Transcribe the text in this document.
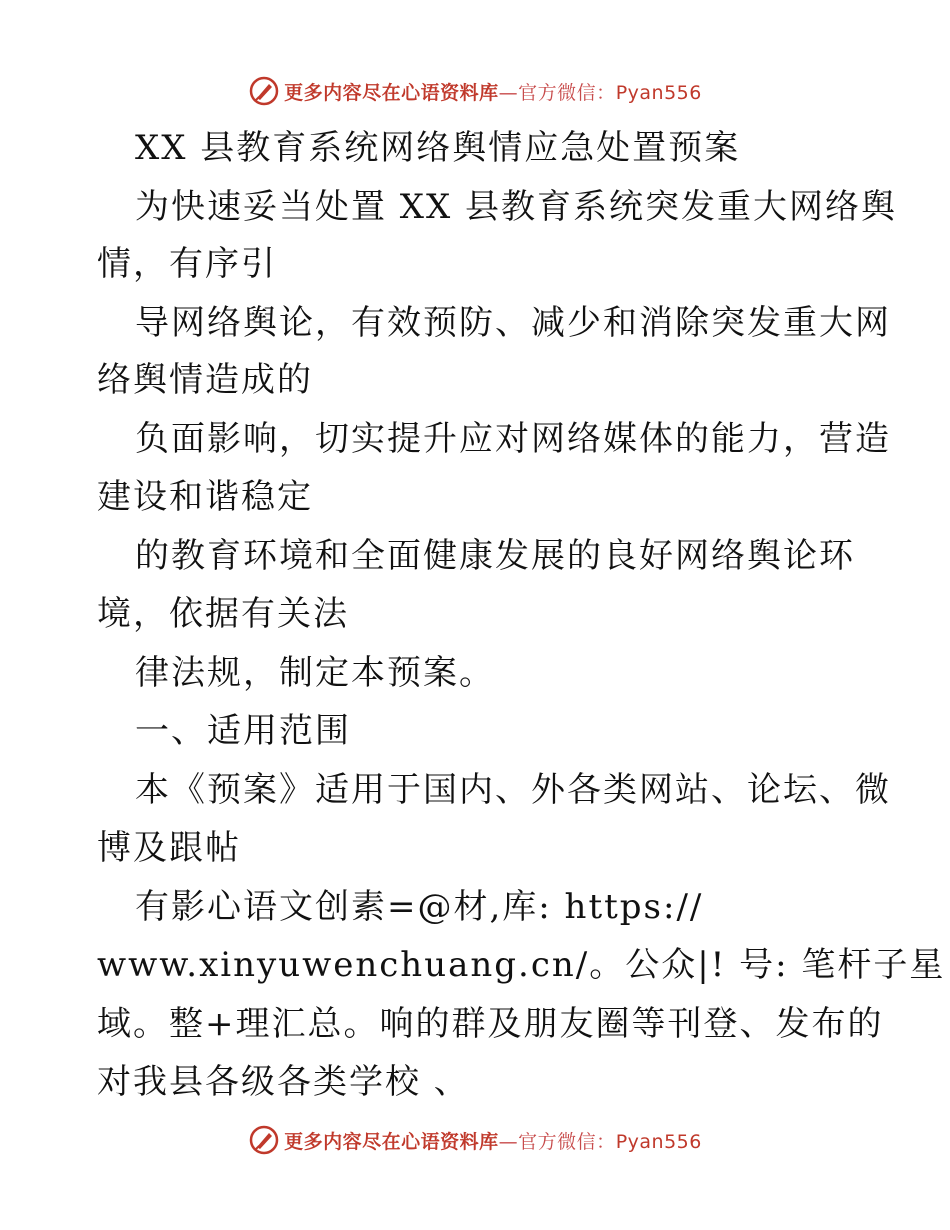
更多内容尽在心语资料库—官方微信：Pyan556
XX 县教育系统网络舆情应急处置预案
为快速妥当处置 XX 县教育系统突发重大网络舆
情，有序引
导网络舆论，有效预防、减少和消除突发重大网
络舆情造成的
负面影响，切实提升应对网络媒体的能力，营造
建设和谐稳定
的教育环境和全面健康发展的良好网络舆论环
境，依据有关法
律法规，制定本预案。
一、适用范围
本《预案》适用于国内、外各类网站、论坛、微
博及跟帖
有影心语文创素=@材,库: https://
www.xinyuwenchuang.cn/。公众|! 号: 笔杆子星
域。整+理汇总。响的群及朋友圈等刊登、发布的
对我县各级各类学校 、
更多内容尽在心语资料库—官方微信：Pyan556
